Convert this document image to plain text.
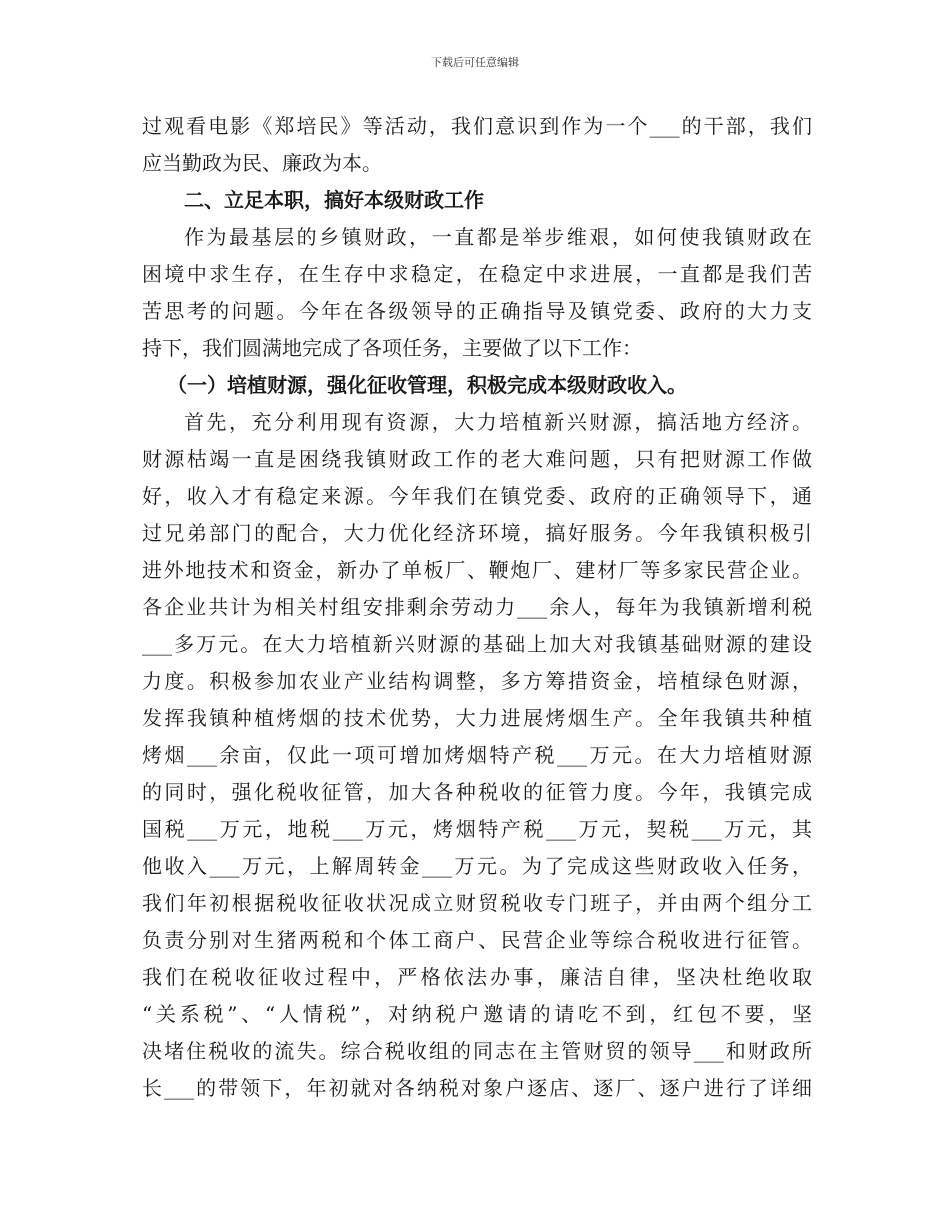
下载后可任意编辑
过观看电影《郑培民》等活动，我们意识到作为一个___的干部，我们
应当勤政为民、廉政为本。
二、立足本职，搞好本级财政工作
作为最基层的乡镇财政，一直都是举步维艰，如何使我镇财政在
困境中求生存，在生存中求稳定，在稳定中求进展，一直都是我们苦
苦思考的问题。今年在各级领导的正确指导及镇党委、政府的大力支
持下，我们圆满地完成了各项任务，主要做了以下工作：
（一）培植财源，强化征收管理，积极完成本级财政收入。
首先，充分利用现有资源，大力培植新兴财源，搞活地方经济。
财源枯竭一直是困绕我镇财政工作的老大难问题，只有把财源工作做
好，收入才有稳定来源。今年我们在镇党委、政府的正确领导下，通
过兄弟部门的配合，大力优化经济环境，搞好服务。今年我镇积极引
进外地技术和资金，新办了单板厂、鞭炮厂、建材厂等多家民营企业。
各企业共计为相关村组安排剩余劳动力___余人，每年为我镇新增利税
___多万元。在大力培植新兴财源的基础上加大对我镇基础财源的建设
力度。积极参加农业产业结构调整，多方筹措资金，培植绿色财源，
发挥我镇种植烤烟的技术优势，大力进展烤烟生产。全年我镇共种植
烤烟___余亩，仅此一项可增加烤烟特产税___万元。在大力培植财源
的同时，强化税收征管，加大各种税收的征管力度。今年，我镇完成
国税___万元，地税___万元，烤烟特产税___万元，契税___万元，其
他收入___万元，上解周转金___万元。为了完成这些财政收入任务，
我们年初根据税收征收状况成立财贸税收专门班子，并由两个组分工
负责分别对生猪两税和个体工商户、民营企业等综合税收进行征管。
我们在税收征收过程中，严格依法办事，廉洁自律，坚决杜绝收取
“关系税”、“人情税”，对纳税户邀请的请吃不到，红包不要，坚
决堵住税收的流失。综合税收组的同志在主管财贸的领导___和财政所
长___的带领下，年初就对各纳税对象户逐店、逐厂、逐户进行了详细
